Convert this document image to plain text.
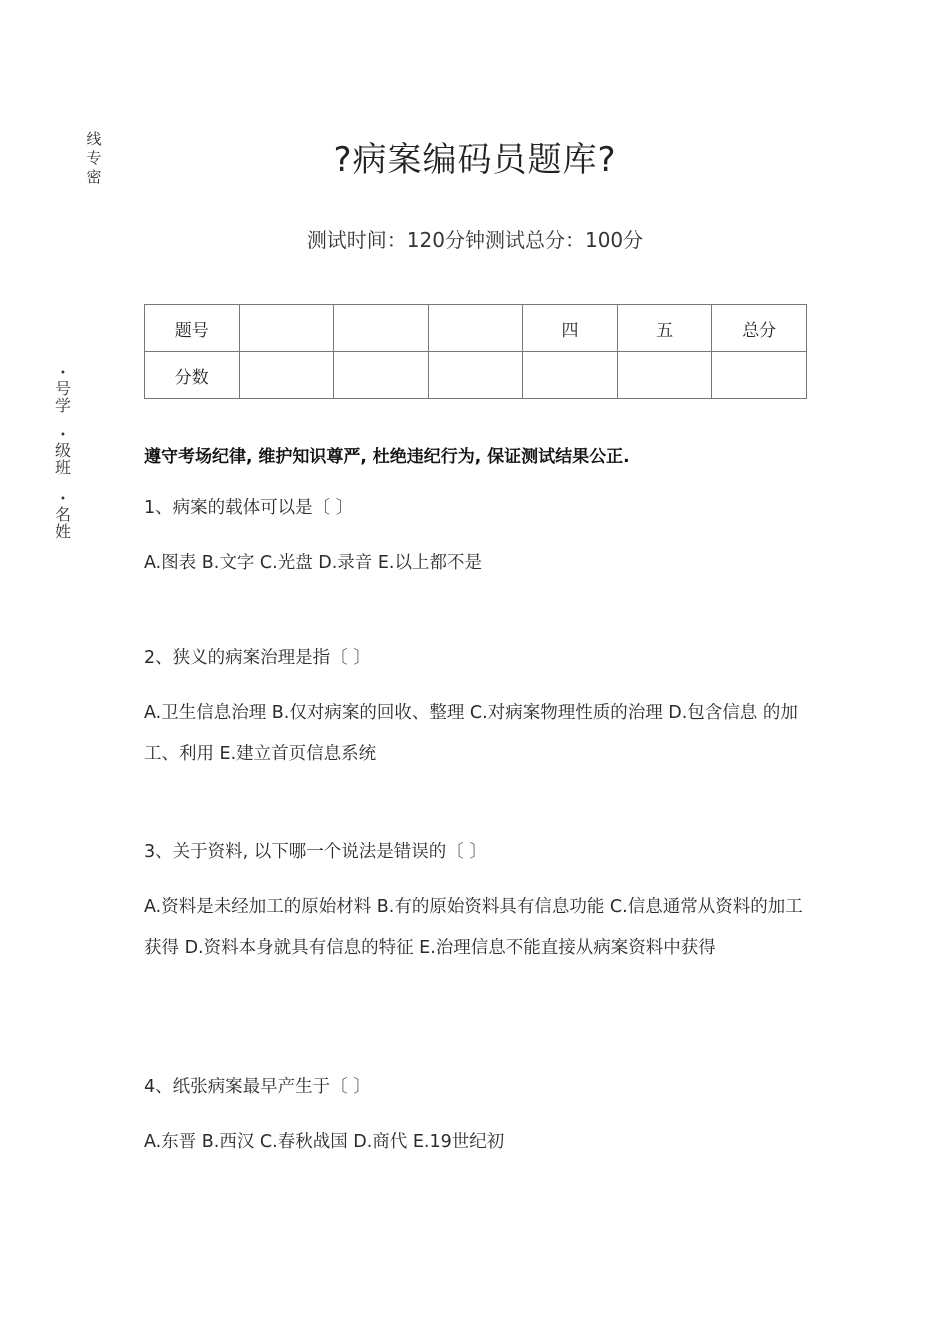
线
专
密
•
号
学
•
级
班
•
名
姓
?病案编码员题库?
测试时间：120分钟测试总分：100分
题号				四	五	总分
分数						
遵守考场纪律, 维护知识尊严, 杜绝违纪行为, 保证测试结果公正.

1、病案的载体可以是〔 〕

A.图表 B.文字 C.光盘 D.录音 E.以上都不是

2、狭义的病案治理是指〔 〕

A.卫生信息治理 B.仅对病案的回收、整理 C.对病案物理性质的治理 D.包含信息 的加工、利用 E.建立首页信息系统

3、关于资料, 以下哪一个说法是错误的〔 〕

A.资料是未经加工的原始材料 B.有的原始资料具有信息功能 C.信息通常从资料的加工获得 D.资料本身就具有信息的特征 E.治理信息不能直接从病案资料中获得

4、纸张病案最早产生于〔 〕

A.东晋 B.西汉 C.春秋战国 D.商代 E.19世纪初
